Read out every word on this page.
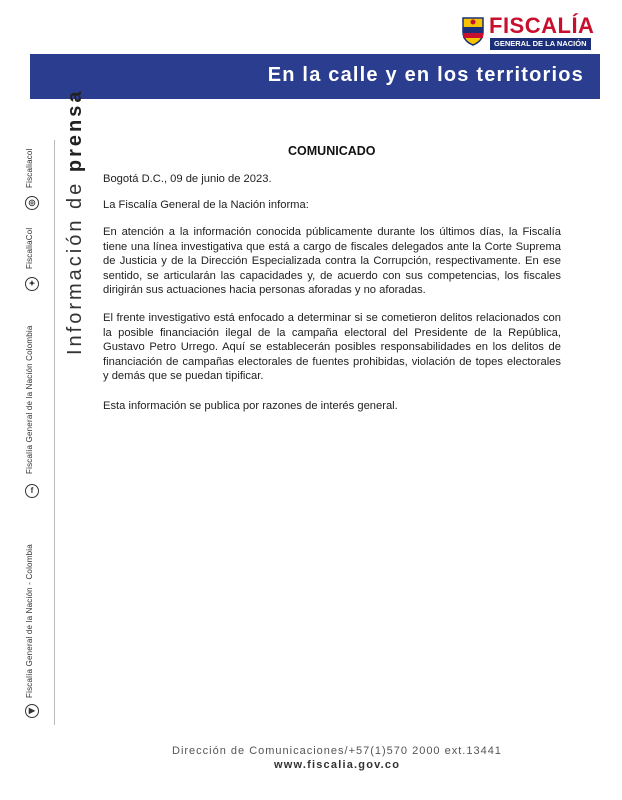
FISCALÍA
GENERAL DE LA NACIÓN
En la calle y en los territorios
Información de prensa
◎
Fiscaliacol
✦
FiscaliaCol
f
Fiscalía General de la Nación Colombia
▶
Fiscalía General de la Nación - Colombia
COMUNICADO
Bogotá D.C., 09 de junio de 2023.
La Fiscalía General de la Nación informa:
En atención a la información conocida públicamente durante los últimos días, la Fiscalía tiene una línea investigativa que está a cargo de fiscales delegados ante la Corte Suprema de Justicia y de la Dirección Especializada contra la Corrupción, respectivamente. En ese sentido, se articularán las capacidades y, de acuerdo con sus competencias, los fiscales dirigirán sus actuaciones hacia personas aforadas y no aforadas.
El frente investigativo está enfocado a determinar si se cometieron delitos relacionados con la posible financiación ilegal de la campaña electoral del Presidente de la República, Gustavo Petro Urrego. Aquí se establecerán posibles responsabilidades en los delitos de financiación de campañas electorales de fuentes prohibidas, violación de topes electorales y demás que se puedan tipificar.
Esta información se publica por razones de interés general.
Dirección de Comunicaciones/+57(1)570 2000 ext.13441
www.fiscalia.gov.co
